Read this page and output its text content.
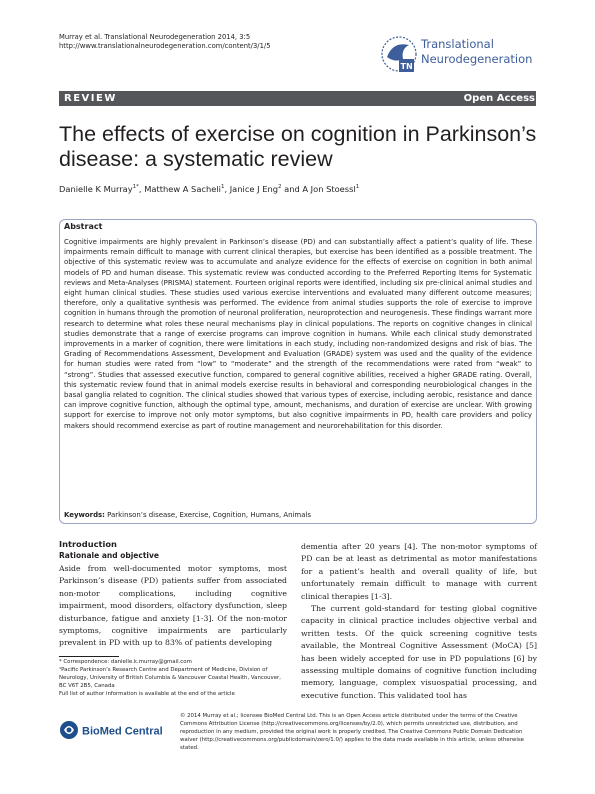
Murray et al. Translational Neurodegeneration 2014, 3:5
http://www.translationalneurodegeneration.com/content/3/1/5
TN
Translational
Neurodegeneration
REVIEW	Open Access
The effects of exercise on cognition in Parkinson’s disease: a systematic review
Danielle K Murray$^{1*}$, Matthew A Sacheli$^1$, Janice J Eng$^2$ and A Jon Stoessl$^1$
Abstract
Cognitive impairments are highly prevalent in Parkinson’s disease (PD) and can substantially affect a patient’s quality of life. These impairments remain difficult to manage with current clinical therapies, but exercise has been identified as a possible treatment. The objective of this systematic review was to accumulate and analyze evidence for the effects of exercise on cognition in both animal models of PD and human disease. This systematic review was conducted according to the Preferred Reporting Items for Systematic reviews and Meta-Analyses (PRISMA) statement. Fourteen original reports were identified, including six pre-clinical animal studies and eight human clinical studies. These studies used various exercise interventions and evaluated many different outcome measures; therefore, only a qualitative synthesis was performed. The evidence from animal studies supports the role of exercise to improve cognition in humans through the promotion of neuronal proliferation, neuroprotection and neurogenesis. These findings warrant more research to determine what roles these neural mechanisms play in clinical populations. The reports on cognitive changes in clinical studies demonstrate that a range of exercise programs can improve cognition in humans. While each clinical study demonstrated improvements in a marker of cognition, there were limitations in each study, including non-randomized designs and risk of bias. The Grading of Recommendations Assessment, Development and Evaluation (GRADE) system was used and the quality of the evidence for human studies were rated from “low” to “moderate” and the strength of the recommendations were rated from “weak” to “strong”. Studies that assessed executive function, compared to general cognitive abilities, received a higher GRADE rating. Overall, this systematic review found that in animal models exercise results in behavioral and corresponding neurobiological changes in the basal ganglia related to cognition. The clinical studies showed that various types of exercise, including aerobic, resistance and dance can improve cognitive function, although the optimal type, amount, mechanisms, and duration of exercise are unclear. With growing support for exercise to improve not only motor symptoms, but also cognitive impairments in PD, health care providers and policy makers should recommend exercise as part of routine management and neurorehabilitation for this disorder.
Keywords: Parkinson’s disease, Exercise, Cognition, Humans, Animals
Introduction
Rationale and objective
Aside from well-documented motor symptoms, most Parkinson’s disease (PD) patients suffer from associated non-motor complications, including cognitive impairment, mood disorders, olfactory dysfunction, sleep disturbance, fatigue and anxiety [1-3]. Of the non-motor symptoms, cognitive impairments are particularly prevalent in PD with up to 83% of patients developing
dementia after 20 years [4]. The non-motor symptoms of PD can be at least as detrimental as motor manifestations for a patient’s health and overall quality of life, but unfortunately remain difficult to manage with current clinical therapies [1-3].
The current gold-standard for testing global cognitive capacity in clinical practice includes objective verbal and written tests. Of the quick screening cognitive tests available, the Montreal Cognitive Assessment (MoCA) [5] has been widely accepted for use in PD populations [6] by assessing multiple domains of cognitive function including memory, language, complex visuospatial processing, and executive function. This validated tool has
* Correspondence: danielle.k.murray@gmail.com
¹Pacific Parkinson’s Research Centre and Department of Medicine, Division of Neurology, University of British Columbia & Vancouver Coastal Health, Vancouver, BC V6T 2B5, Canada
Full list of author information is available at the end of the article
BioMed Central
© 2014 Murray et al.; licensee BioMed Central Ltd. This is an Open Access article distributed under the terms of the Creative Commons Attribution License (http://creativecommons.org/licenses/by/2.0), which permits unrestricted use, distribution, and reproduction in any medium, provided the original work is properly credited. The Creative Commons Public Domain Dedication waiver (http://creativecommons.org/publicdomain/zero/1.0/) applies to the data made available in this article, unless otherwise stated.
